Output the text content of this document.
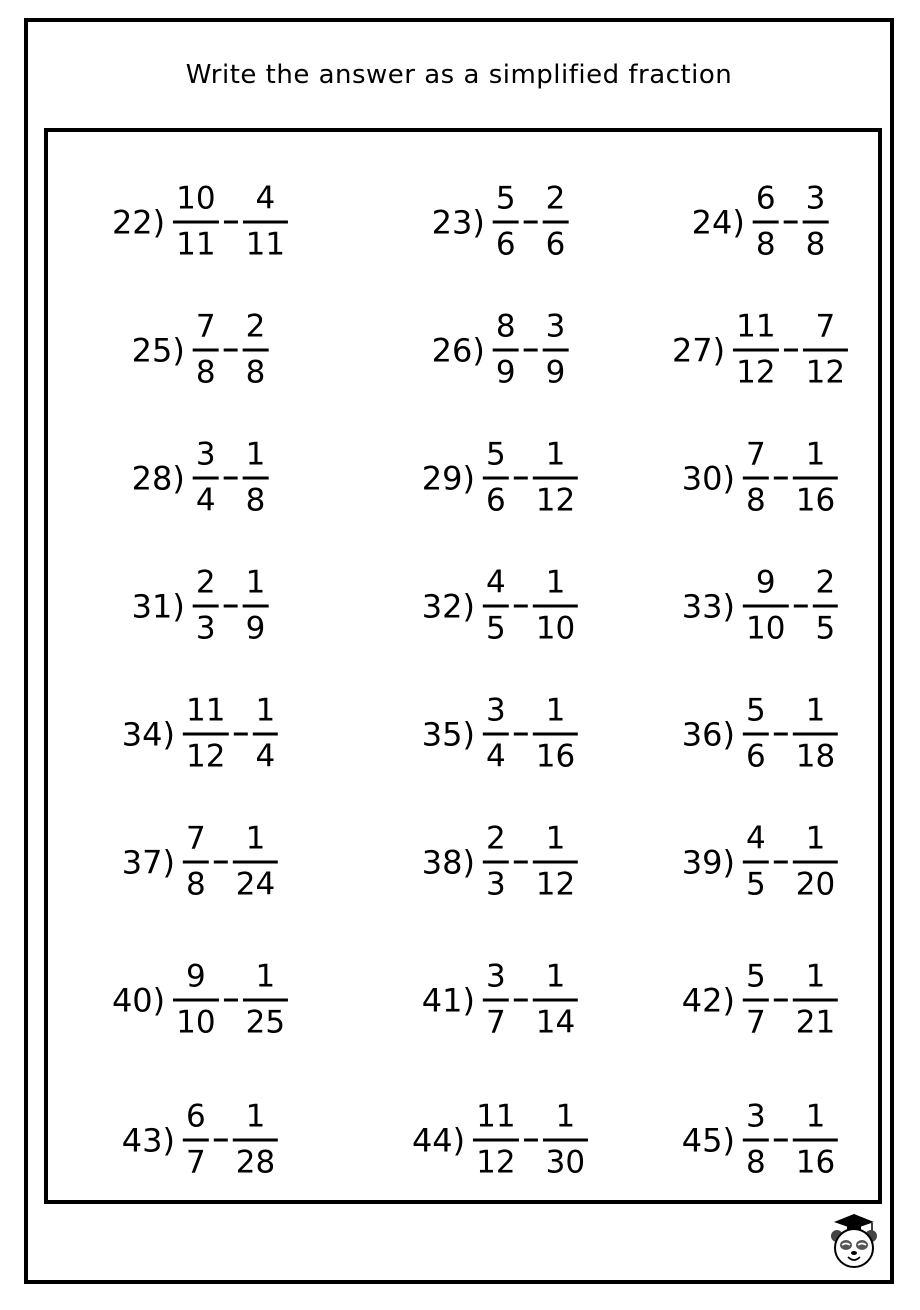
Write the answer as a simplified fraction
$22) \frac{10}{11} \frac{4}{11}$	$23) \frac{5}{6} \frac{2}{6}$	$24) \frac{6}{8} \frac{3}{8}$
$25) \frac{7}{8} \frac{2}{8}$	$26) \frac{8}{9} \frac{3}{9}$	$27) \frac{11}{12} \frac{7}{12}$
$28) \frac{3}{4} \frac{1}{8}$	$29) \frac{5}{6} \frac{1}{12}$	$30) \frac{7}{8} \frac{1}{16}$
$31) \frac{2}{3} \frac{1}{9}$	$32) \frac{4}{5} \frac{1}{10}$	$33) \frac{9}{10} \frac{2}{5}$
$34) \frac{11}{12} \frac{1}{4}$	$35) \frac{3}{4} \frac{1}{16}$	$36) \frac{5}{6} \frac{1}{18}$
$37) \frac{7}{8} \frac{1}{24}$	$38) \frac{2}{3} \frac{1}{12}$	$39) \frac{4}{5} \frac{1}{20}$
$40) \frac{9}{10} \frac{1}{25}$	$41) \frac{3}{7} \frac{1}{14}$	$42) \frac{5}{7} \frac{1}{21}$
$43) \frac{6}{7} \frac{1}{28}$	$44) \frac{11}{12} \frac{1}{30}$	$45) \frac{3}{8} \frac{1}{16}$
